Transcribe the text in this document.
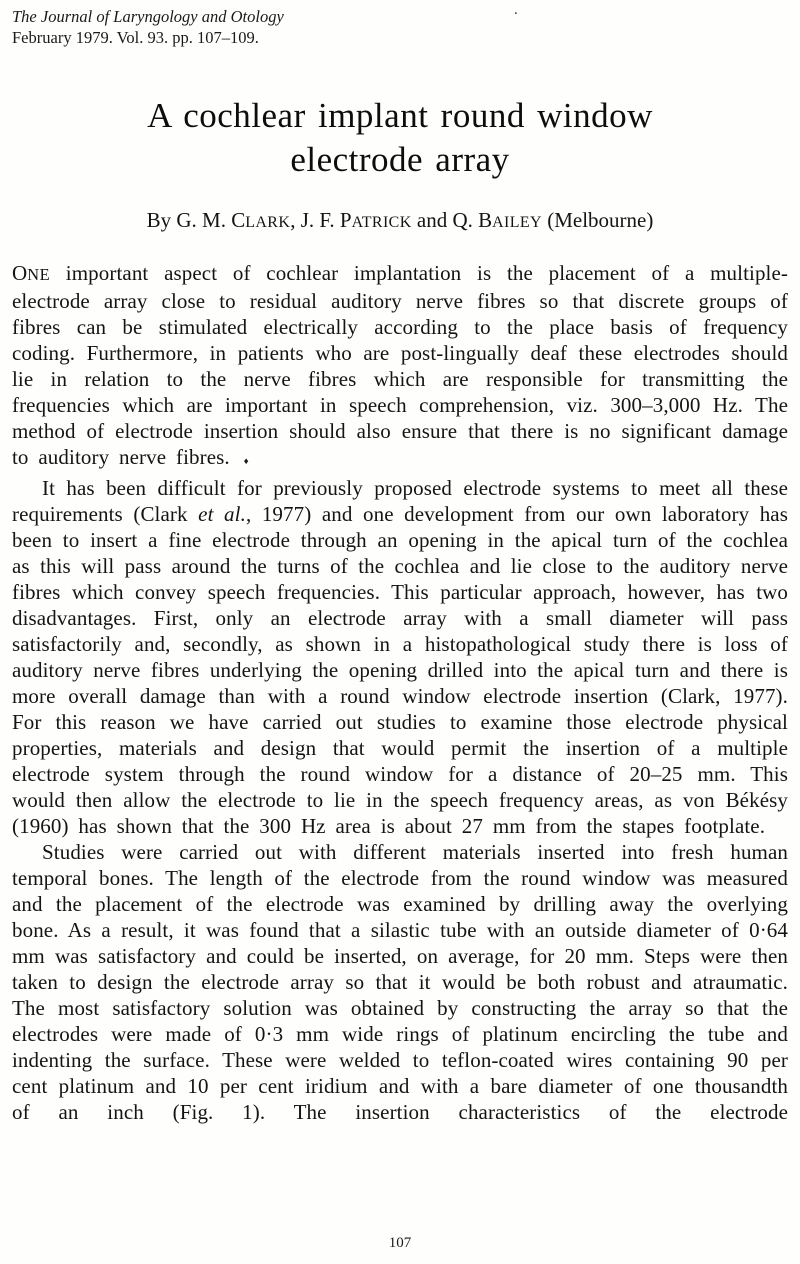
.
The Journal of Laryngology and Otology
February 1979. Vol. 93. pp. 107–109.
A cochlear implant round window
electrode array
By G. M. CLARK, J. F. PATRICK and Q. BAILEY (Melbourne)

ONE important aspect of cochlear implantation is the placement of a multiple-electrode array close to residual auditory nerve fibres so that discrete groups of fibres can be stimulated electrically according to the place basis of frequency coding. Furthermore, in patients who are post-lingually deaf these electrodes should lie in relation to the nerve fibres which are responsible for transmitting the frequencies which are important in speech comprehension, viz. 300–3,000 Hz. The method of electrode insertion should also ensure that there is no significant damage to auditory nerve fibres. ♦

It has been difficult for previously proposed electrode systems to meet all these requirements (Clark et al., 1977) and one development from our own laboratory has been to insert a fine electrode through an opening in the apical turn of the cochlea as this will pass around the turns of the cochlea and lie close to the auditory nerve fibres which convey speech frequencies. This particular approach, however, has two disadvantages. First, only an electrode array with a small diameter will pass satisfactorily and, secondly, as shown in a histopathological study there is loss of auditory nerve fibres underlying the opening drilled into the apical turn and there is more overall damage than with a round window electrode insertion (Clark, 1977). For this reason we have carried out studies to examine those electrode physical properties, materials and design that would permit the insertion of a multiple electrode system through the round window for a distance of 20–25 mm. This would then allow the electrode to lie in the speech frequency areas, as von Békésy (1960) has shown that the 300 Hz area is about 27 mm from the stapes footplate.

Studies were carried out with different materials inserted into fresh human temporal bones. The length of the electrode from the round window was measured and the placement of the electrode was examined by drilling away the overlying bone. As a result, it was found that a silastic tube with an outside diameter of 0·64 mm was satisfactory and could be inserted, on average, for 20 mm. Steps were then taken to design the electrode array so that it would be both robust and atraumatic. The most satisfactory solution was obtained by constructing the array so that the electrodes were made of 0·3 mm wide rings of platinum encircling the tube and indenting the surface. These were welded to teflon-coated wires containing 90 per cent platinum and 10 per cent iridium and with a bare diameter of one thousandth of an inch (Fig. 1). The insertion characteristics of the electrode

107
